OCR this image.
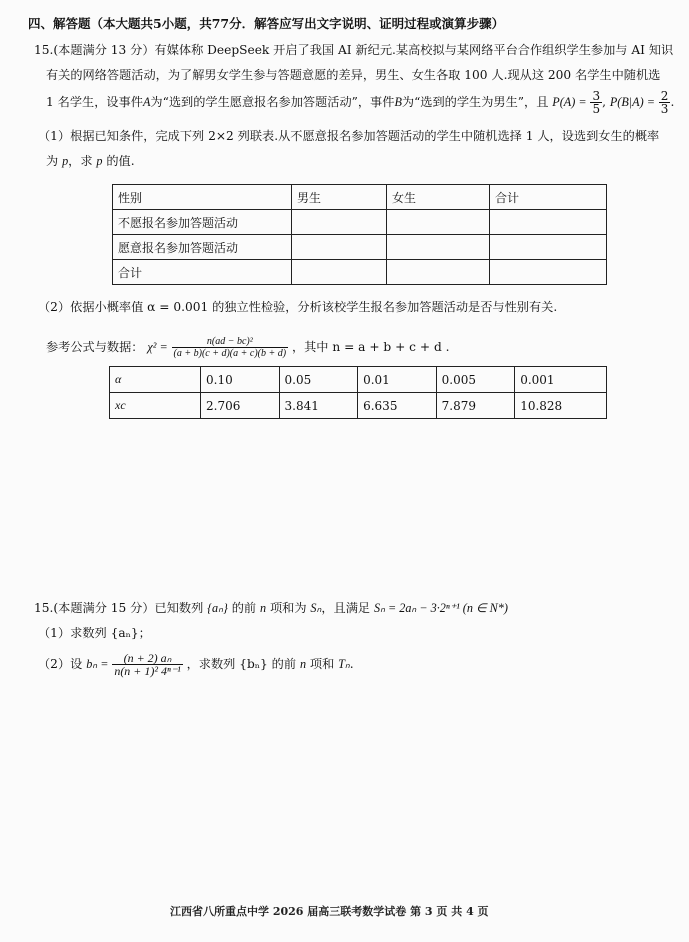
四、解答题（本大题共5小题，共77分．解答应写出文字说明、证明过程或演算步骤）
15.(本题满分 13 分）有媒体称 DeepSeek 开启了我国 AI 新纪元.某高校拟与某网络平台合作组织学生参加与 AI 知识
有关的网络答题活动，为了解男女学生参与答题意愿的差异，男生、女生各取 100 人.现从这 200 名学生中随机选
1 名学生，设事件A为“选到的学生愿意报名参加答题活动”，事件B为“选到的学生为男生”，且 $P(A) = \frac{3}{5}$ , $P(B|A) = \frac{2}{3}$ .
（1）根据已知条件，完成下列 2×2 列联表.从不愿意报名参加答题活动的学生中随机选择 1 人，设选到女生的概率
为 p，求 p 的值.
性别	男生	女生	合计
不愿报名参加答题活动			
愿意报名参加答题活动			
合计			
（2）依据小概率值 α = 0.001 的独立性检验，分析该校学生报名参加答题活动是否与性别有关.
参考公式与数据： $\chi^2 = \frac{\text{n(ad − bc)²}}{(a + b)(c + d)(a + c)(b + d)}$ ，其中 n = a + b + c + d .
α	0.10	0.05	0.01	0.005	0.001
xc	2.706	3.841	6.635	7.879	10.828
15.(本题满分 15 分）已知数列 {aₙ} 的前 n 项和为 Sₙ，且满足 Sₙ = 2aₙ − 3·2ⁿ⁺¹ (n ∈ N*)
（1）求数列 {aₙ}；
（2）设 $b_n = \frac{\text{(n + 2) aₙ}}{\text{n(n + 1)² 4ⁿ⁻¹}}$ ，求数列 {bₙ} 的前 n 项和 Tₙ.
江西省八所重点中学 2026 届高三联考数学试卷 第 3 页 共 4 页
